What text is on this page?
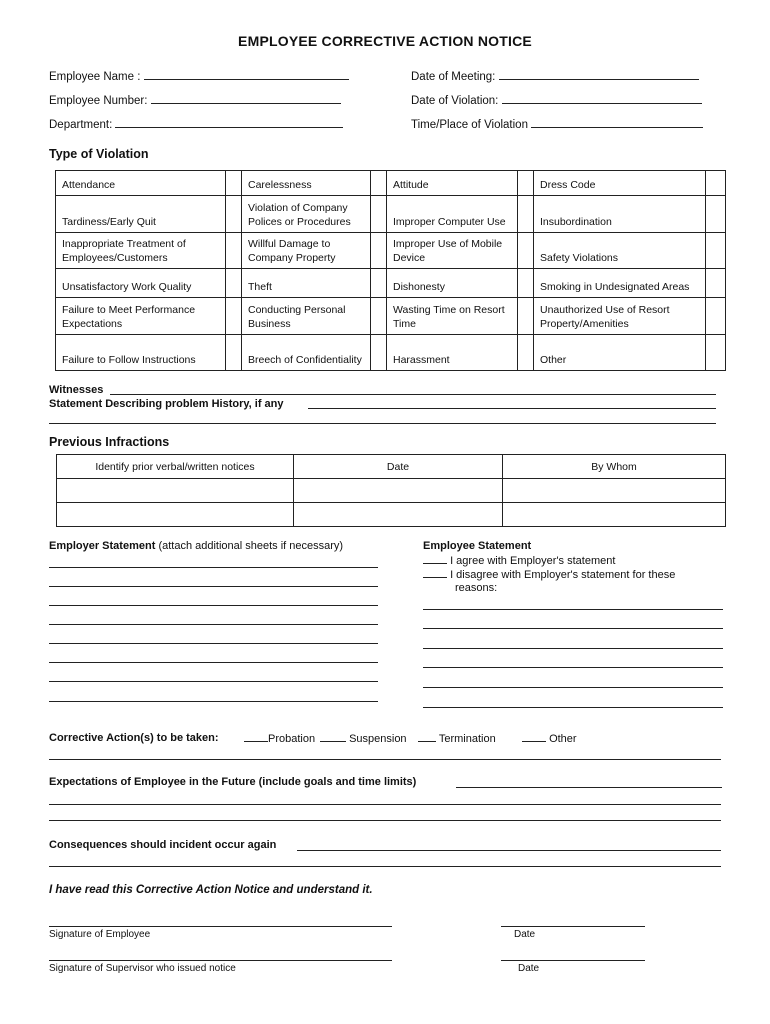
EMPLOYEE CORRECTIVE ACTION NOTICE
Employee Name :
Employee Number:
Department:
Date of Meeting:
Date of Violation:
Time/Place of Violation
Type of Violation
Attendance		Carelessness		Attitude		Dress Code	
Tardiness/Early Quit		Violation of Company Polices or Procedures		Improper Computer Use		Insubordination	
Inappropriate Treatment of Employees/Customers		Willful Damage to Company Property		Improper Use of Mobile Device		Safety Violations	
Unsatisfactory Work Quality		Theft		Dishonesty		Smoking in Undesignated Areas	
Failure to Meet Performance Expectations		Conducting Personal Business		Wasting Time on Resort Time		Unauthorized Use of Resort Property/Amenities	
Failure to Follow Instructions		Breech of Confidentiality		Harassment		Other	
Witnesses
Statement Describing problem History, if any
Previous Infractions
Identify prior verbal/written notices	Date	By Whom

Employer Statement (attach additional sheets if necessary)	Employee Statement
I agree with Employer's statement
I disagree with Employer's statement for these
reasons:
Corrective Action(s) to be taken:	Probation	Suspension	Termination	Other
Expectations of Employee in the Future (include goals and time limits)
Consequences should incident occur again
I have read this Corrective Action Notice and understand it.
Signature of Employee	Date
Signature of Supervisor who issued notice	Date
